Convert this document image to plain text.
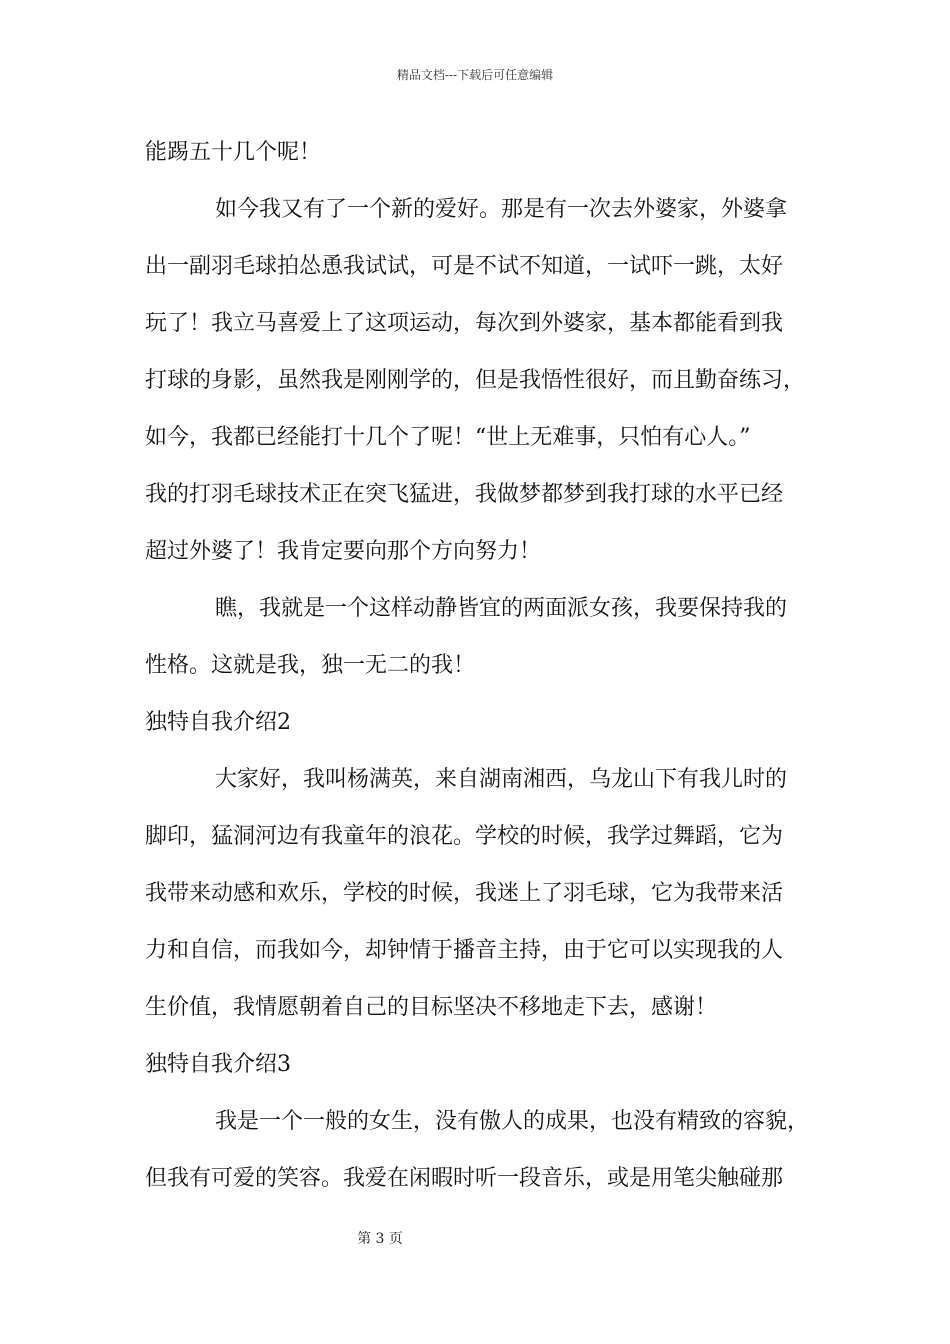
精品文档---下载后可任意编辑
能踢五十几个呢！
如今我又有了一个新的爱好。那是有一次去外婆家，外婆拿
出一副羽毛球拍怂恿我试试，可是不试不知道，一试吓一跳，太好
玩了！我立马喜爱上了这项运动，每次到外婆家，基本都能看到我
打球的身影，虽然我是刚刚学的，但是我悟性很好，而且勤奋练习，
如今，我都已经能打十几个了呢！“世上无难事，只怕有心人。”
我的打羽毛球技术正在突飞猛进，我做梦都梦到我打球的水平已经
超过外婆了！我肯定要向那个方向努力！
瞧，我就是一个这样动静皆宜的两面派女孩，我要保持我的
性格。这就是我，独一无二的我！
独特自我介绍2
大家好，我叫杨满英，来自湖南湘西，乌龙山下有我儿时的
脚印，猛洞河边有我童年的浪花。学校的时候，我学过舞蹈，它为
我带来动感和欢乐，学校的时候，我迷上了羽毛球，它为我带来活
力和自信，而我如今，却钟情于播音主持，由于它可以实现我的人
生价值，我情愿朝着自己的目标坚决不移地走下去，感谢！
独特自我介绍3
我是一个一般的女生，没有傲人的成果，也没有精致的容貌，
但我有可爱的笑容。我爱在闲暇时听一段音乐，或是用笔尖触碰那
第 3 页
